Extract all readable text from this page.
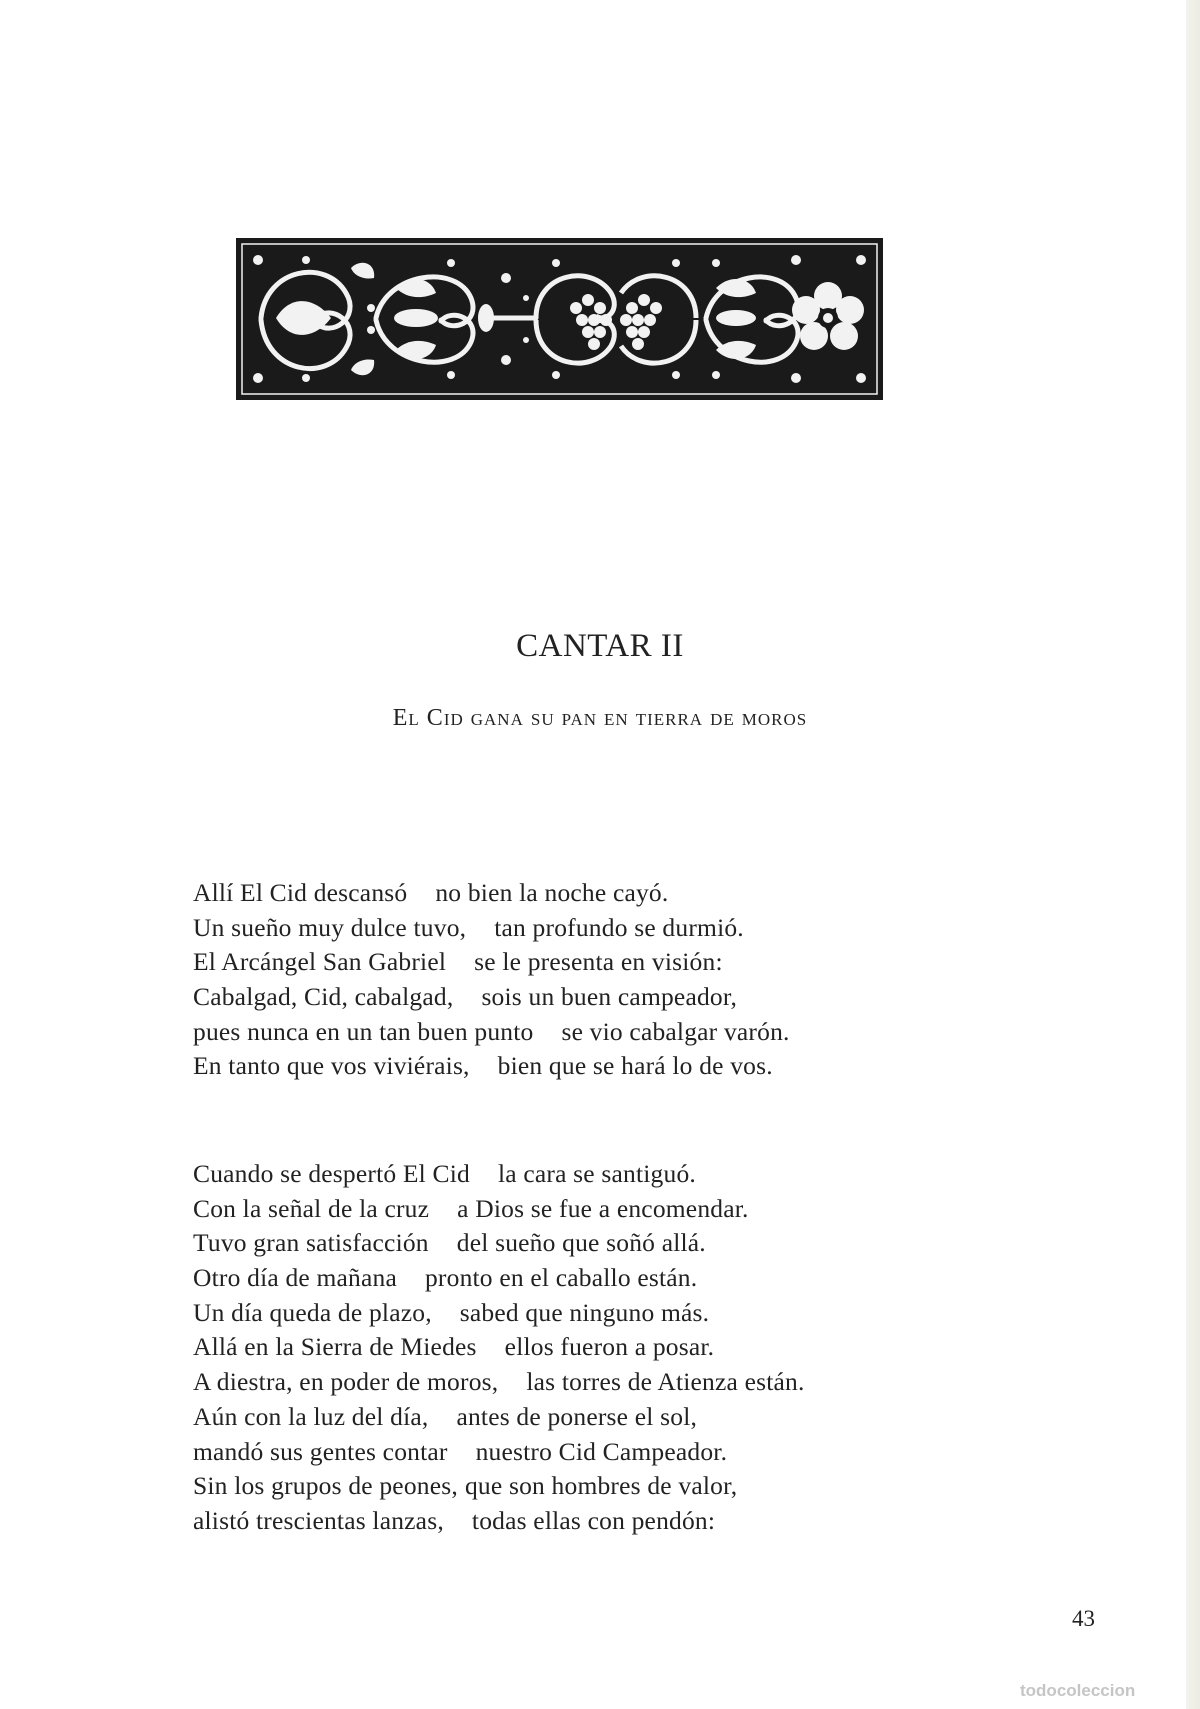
CANTAR II
El Cid gana su pan en tierra de moros
Allí El Cid descansó no bien la noche cayó.
Un sueño muy dulce tuvo, tan profundo se durmió.
El Arcángel San Gabriel se le presenta en visión:
Cabalgad, Cid, cabalgad, sois un buen campeador,
pues nunca en un tan buen punto se vio cabalgar varón.
En tanto que vos viviérais, bien que se hará lo de vos.
Cuando se despertó El Cid la cara se santiguó.
Con la señal de la cruz a Dios se fue a encomendar.
Tuvo gran satisfacción del sueño que soñó allá.
Otro día de mañana pronto en el caballo están.
Un día queda de plazo, sabed que ninguno más.
Allá en la Sierra de Miedes ellos fueron a posar.
A diestra, en poder de moros, las torres de Atienza están.
Aún con la luz del día, antes de ponerse el sol,
mandó sus gentes contar nuestro Cid Campeador.
Sin los grupos de peones, que son hombres de valor,
alistó trescientas lanzas, todas ellas con pendón:
43
todocoleccion
